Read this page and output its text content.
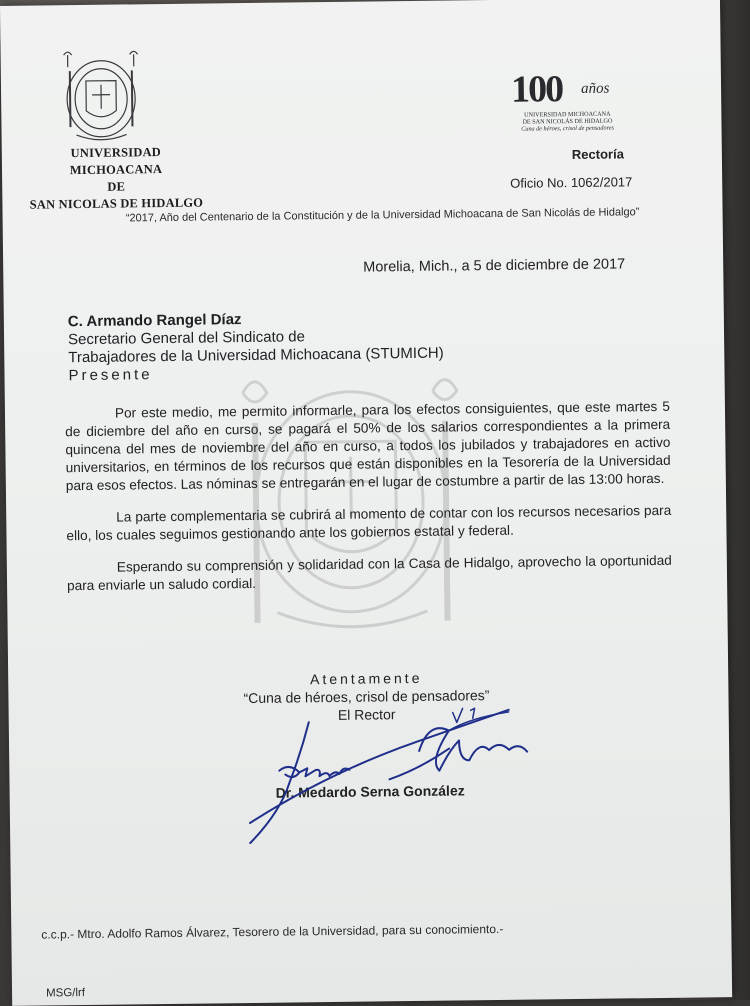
UNIVERSIDAD MICHOACANA
DE
SAN NICOLAS DE HIDALGO
100 años
UNIVERSIDAD MICHOACANA
DE SAN NICOLÁS DE HIDALGO
Cuna de héroes, crisol de pensadores
Rectoría
Oficio No. 1062/2017
“2017, Año del Centenario de la Constitución y de la Universidad Michoacana de San Nicolás de Hidalgo”
Morelia, Mich., a 5 de diciembre de 2017
C. Armando Rangel Díaz
Secretario General del Sindicato de
Trabajadores de la Universidad Michoacana (STUMICH)
Presente

Por este medio, me permito informarle, para los efectos consiguientes, que este martes 5 de diciembre del año en curso, se pagará el 50% de los salarios correspondientes a la primera quincena del mes de noviembre del año en curso, a todos los jubilados y trabajadores en activo universitarios, en términos de los recursos que están disponibles en la Tesorería de la Universidad para esos efectos. Las nóminas se entregarán en el lugar de costumbre a partir de las 13:00 horas.

La parte complementaria se cubrirá al momento de contar con los recursos necesarios para ello, los cuales seguimos gestionando ante los gobiernos estatal y federal.

Esperando su comprensión y solidaridad con la Casa de Hidalgo, aprovecho la oportunidad para enviarle un saludo cordial.

Atentamente
“Cuna de héroes, crisol de pensadores”
El Rector
Dr. Medardo Serna González
c.c.p.- Mtro. Adolfo Ramos Álvarez, Tesorero de la Universidad, para su conocimiento.-
MSG/lrf
